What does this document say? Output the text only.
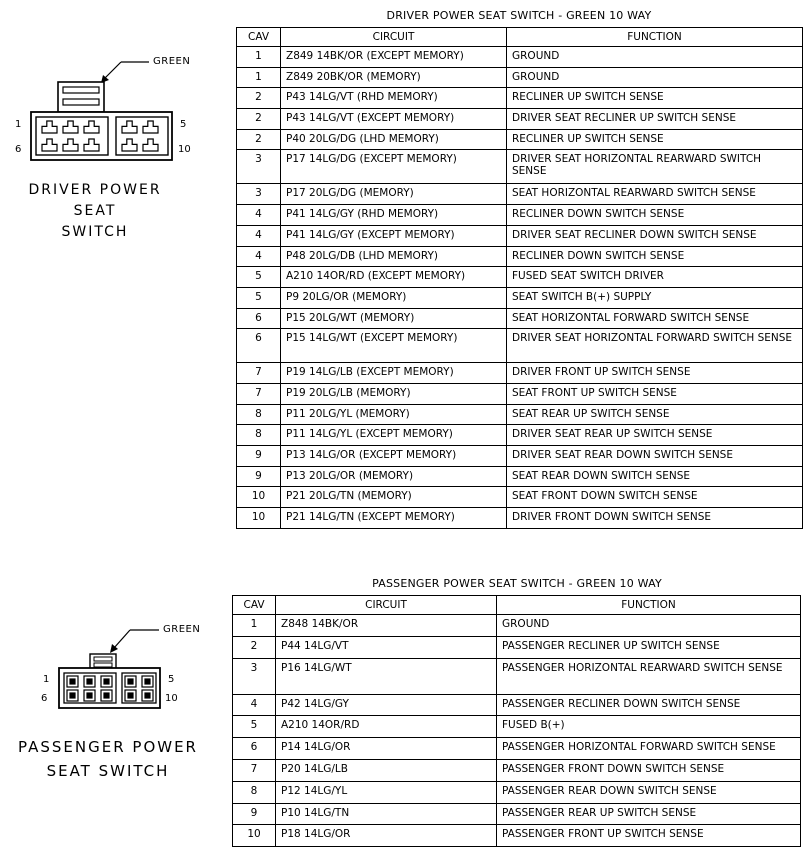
DRIVER POWER SEAT SWITCH - GREEN 10 WAY
CAV	CIRCUIT	FUNCTION
1	Z849 14BK/OR (EXCEPT MEMORY)	GROUND
1	Z849 20BK/OR (MEMORY)	GROUND
2	P43 14LG/VT (RHD MEMORY)	RECLINER UP SWITCH SENSE
2	P43 14LG/VT (EXCEPT MEMORY)	DRIVER SEAT RECLINER UP SWITCH SENSE
2	P40 20LG/DG (LHD MEMORY)	RECLINER UP SWITCH SENSE
3	P17 14LG/DG (EXCEPT MEMORY)	DRIVER SEAT HORIZONTAL REARWARD SWITCH SENSE
3	P17 20LG/DG (MEMORY)	SEAT HORIZONTAL REARWARD SWITCH SENSE
4	P41 14LG/GY (RHD MEMORY)	RECLINER DOWN SWITCH SENSE
4	P41 14LG/GY (EXCEPT MEMORY)	DRIVER SEAT RECLINER DOWN SWITCH SENSE
4	P48 20LG/DB (LHD MEMORY)	RECLINER DOWN SWITCH SENSE
5	A210 14OR/RD (EXCEPT MEMORY)	FUSED SEAT SWITCH DRIVER
5	P9 20LG/OR (MEMORY)	SEAT SWITCH B(+) SUPPLY
6	P15 20LG/WT (MEMORY)	SEAT HORIZONTAL FORWARD SWITCH SENSE
6	P15 14LG/WT (EXCEPT MEMORY)	DRIVER SEAT HORIZONTAL FORWARD SWITCH SENSE
7	P19 14LG/LB (EXCEPT MEMORY)	DRIVER FRONT UP SWITCH SENSE
7	P19 20LG/LB (MEMORY)	SEAT FRONT UP SWITCH SENSE
8	P11 20LG/YL (MEMORY)	SEAT REAR UP SWITCH SENSE
8	P11 14LG/YL (EXCEPT MEMORY)	DRIVER SEAT REAR UP SWITCH SENSE
9	P13 14LG/OR (EXCEPT MEMORY)	DRIVER SEAT REAR DOWN SWITCH SENSE
9	P13 20LG/OR (MEMORY)	SEAT REAR DOWN SWITCH SENSE
10	P21 20LG/TN (MEMORY)	SEAT FRONT DOWN SWITCH SENSE
10	P21 14LG/TN (EXCEPT MEMORY)	DRIVER FRONT DOWN SWITCH SENSE
GREEN
1
6
5
10
DRIVER POWER SEAT
SWITCH
PASSENGER POWER SEAT SWITCH - GREEN 10 WAY
CAV	CIRCUIT	FUNCTION
1	Z848 14BK/OR	GROUND
2	P44 14LG/VT	PASSENGER RECLINER UP SWITCH SENSE
3	P16 14LG/WT	PASSENGER HORIZONTAL REARWARD SWITCH SENSE
4	P42 14LG/GY	PASSENGER RECLINER DOWN SWITCH SENSE
5	A210 14OR/RD	FUSED B(+)
6	P14 14LG/OR	PASSENGER HORIZONTAL FORWARD SWITCH SENSE
7	P20 14LG/LB	PASSENGER FRONT DOWN SWITCH SENSE
8	P12 14LG/YL	PASSENGER REAR DOWN SWITCH SENSE
9	P10 14LG/TN	PASSENGER REAR UP SWITCH SENSE
10	P18 14LG/OR	PASSENGER FRONT UP SWITCH SENSE
GREEN
1
6
5
10
PASSENGER POWER
SEAT SWITCH
